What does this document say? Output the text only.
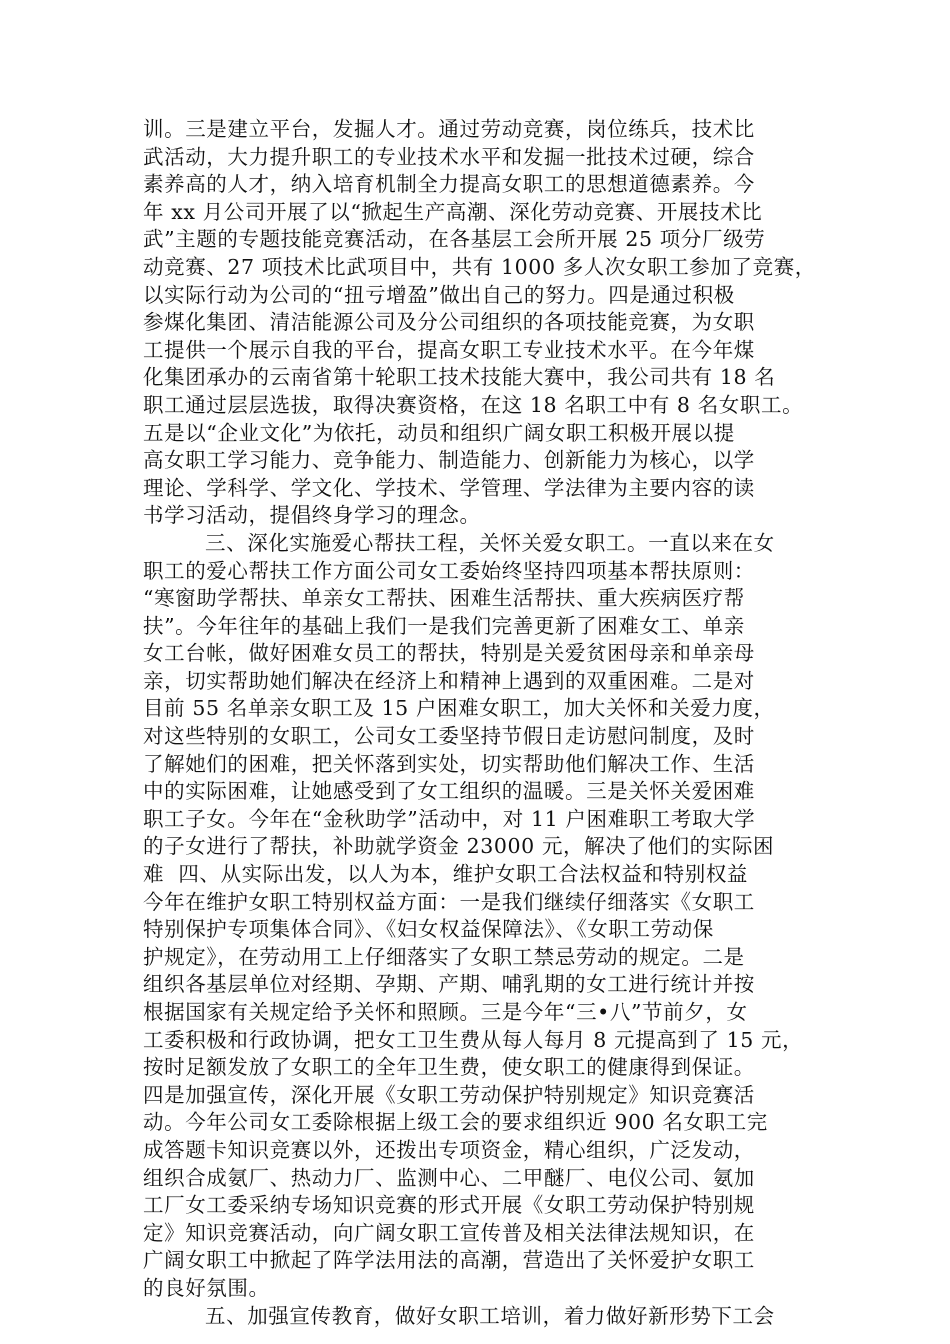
训。三是建立平台，发掘人才。通过劳动竞赛，岗位练兵，技术比
武活动，大力提升职工的专业技术水平和发掘一批技术过硬，综合
素养高的人才，纳入培育机制全力提高女职工的思想道德素养。今
年 xx 月公司开展了以“掀起生产高潮、深化劳动竞赛、开展技术比
武”主题的专题技能竞赛活动，在各基层工会所开展 25 项分厂级劳
动竞赛、27 项技术比武项目中，共有 1000 多人次女职工参加了竞赛，
以实际行动为公司的“扭亏增盈”做出自己的努力。四是通过积极
参煤化集团、清洁能源公司及分公司组织的各项技能竞赛，为女职
工提供一个展示自我的平台，提高女职工专业技术水平。在今年煤
化集团承办的云南省第十轮职工技术技能大赛中，我公司共有 18 名
职工通过层层选拔，取得决赛资格，在这 18 名职工中有 8 名女职工。
五是以“企业文化”为依托，动员和组织广阔女职工积极开展以提
高女职工学习能力、竞争能力、制造能力、创新能力为核心，以学
理论、学科学、学文化、学技术、学管理、学法律为主要内容的读
书学习活动，提倡终身学习的理念。
三、深化实施爱心帮扶工程，关怀关爱女职工。一直以来在女
职工的爱心帮扶工作方面公司女工委始终坚持四项基本帮扶原则：
“寒窗助学帮扶、单亲女工帮扶、困难生活帮扶、重大疾病医疗帮
扶”。今年往年的基础上我们一是我们完善更新了困难女工、单亲
女工台帐，做好困难女员工的帮扶，特别是关爱贫困母亲和单亲母
亲，切实帮助她们解决在经济上和精神上遇到的双重困难。二是对
目前 55 名单亲女职工及 15 户困难女职工，加大关怀和关爱力度，
对这些特别的女职工，公司女工委坚持节假日走访慰问制度，及时
了解她们的困难，把关怀落到实处，切实帮助他们解决工作、生活
中的实际困难，让她感受到了女工组织的温暖。三是关怀关爱困难
职工子女。今年在“金秋助学”活动中，对 11 户困难职工考取大学
的子女进行了帮扶，补助就学资金 23000 元，解决了他们的实际困
难  四、从实际出发，以人为本，维护女职工合法权益和特别权益
今年在维护女职工特别权益方面：一是我们继续仔细落实《女职工
特别保护专项集体合同》、《妇女权益保障法》、《女职工劳动保
护规定》，在劳动用工上仔细落实了女职工禁忌劳动的规定。二是
组织各基层单位对经期、孕期、产期、哺乳期的女工进行统计并按
根据国家有关规定给予关怀和照顾。三是今年“三•八”节前夕，女
工委积极和行政协调，把女工卫生费从每人每月 8 元提高到了 15 元，
按时足额发放了女职工的全年卫生费，使女职工的健康得到保证。
四是加强宣传，深化开展《女职工劳动保护特别规定》知识竞赛活
动。今年公司女工委除根据上级工会的要求组织近 900 名女职工完
成答题卡知识竞赛以外，还拨出专项资金，精心组织，广泛发动，
组织合成氨厂、热动力厂、监测中心、二甲醚厂、电仪公司、氨加
工厂女工委采纳专场知识竞赛的形式开展《女职工劳动保护特别规
定》知识竞赛活动，向广阔女职工宣传普及相关法律法规知识，在
广阔女职工中掀起了阵学法用法的高潮，营造出了关怀爱护女职工
的良好氛围。
五、加强宣传教育，做好女职工培训，着力做好新形势下工会
